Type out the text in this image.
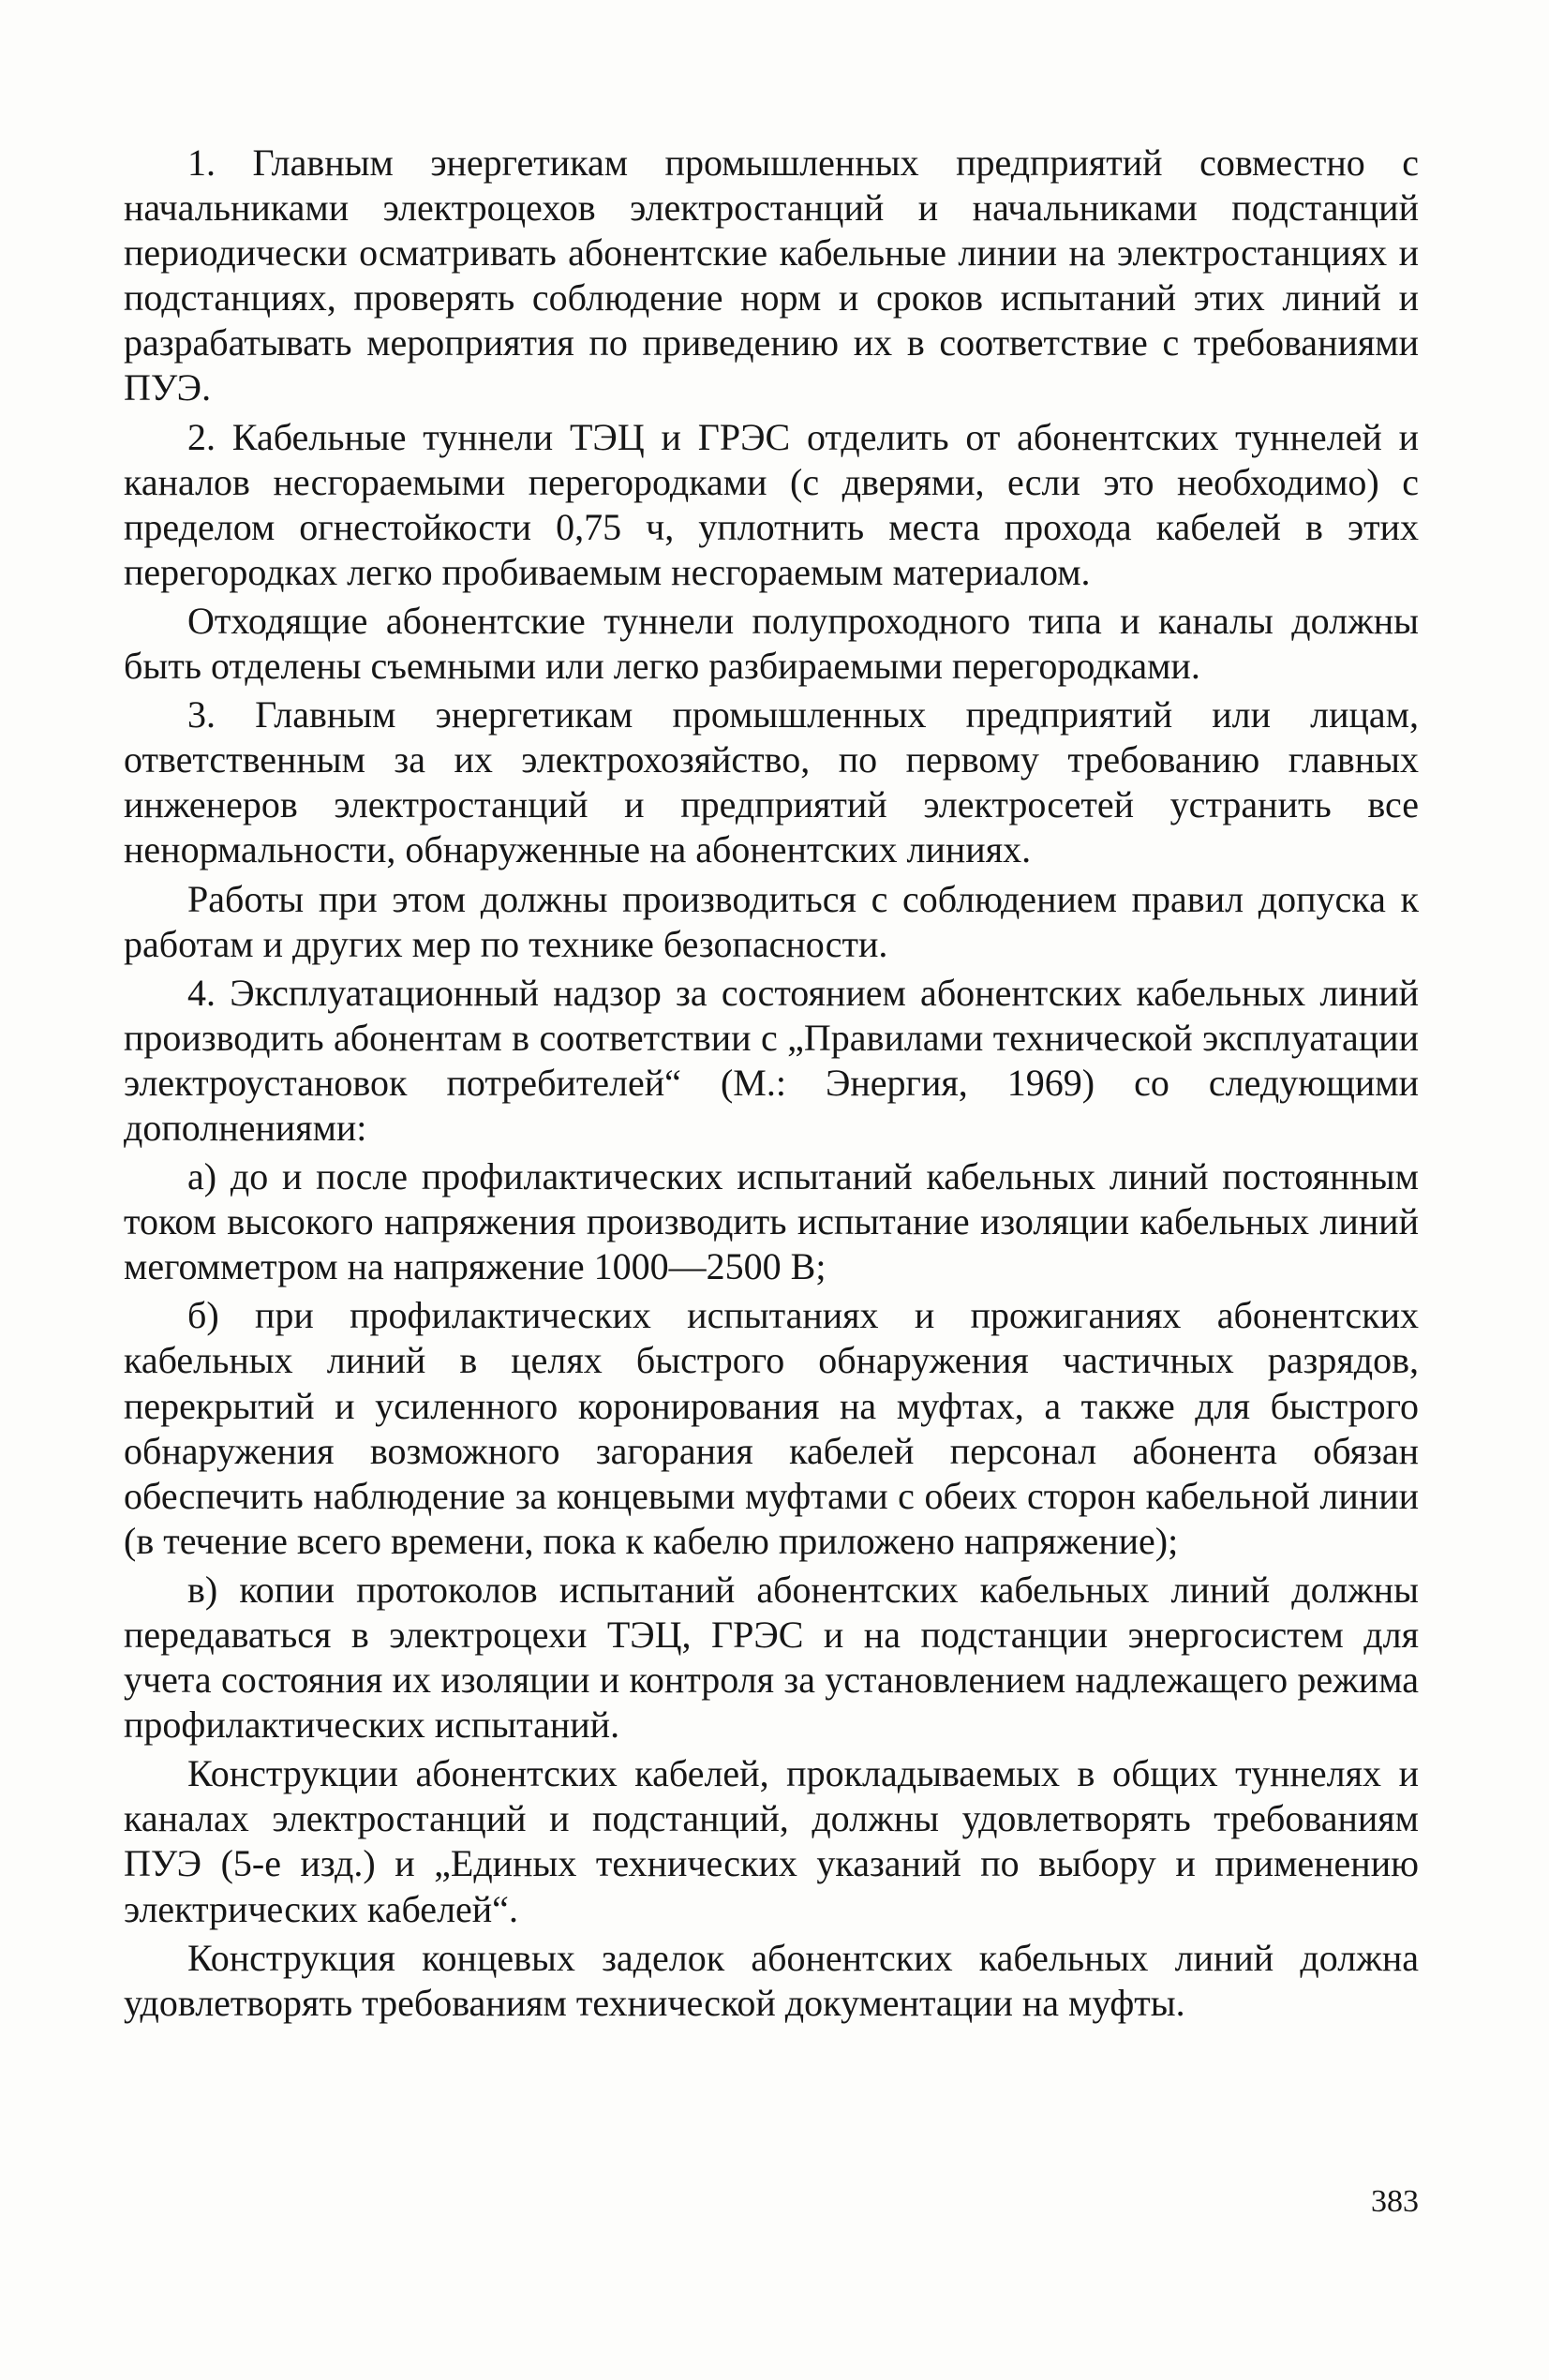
1. Главным энергетикам промышленных предприятий совместно с начальниками электроцехов электростанций и начальниками подстанций периодически осматривать абонентские кабельные линии на электростанциях и подстанциях, проверять соблюдение норм и сроков испытаний этих линий и разрабатывать мероприятия по приведению их в соответствие с требованиями ПУЭ.

2. Кабельные туннели ТЭЦ и ГРЭС отделить от абонентских туннелей и каналов несгораемыми перегородками (с дверями, если это необходимо) с пределом огнестойкости 0,75 ч, уплотнить места прохода кабелей в этих перегородках легко пробиваемым несгораемым материалом.

Отходящие абонентские туннели полупроходного типа и каналы должны быть отделены съемными или легко разбираемыми перегородками.

3. Главным энергетикам промышленных предприятий или лицам, ответственным за их электрохозяйство, по первому требованию главных инженеров электростанций и предприятий электросетей устранить все ненормальности, обнаруженные на абонентских линиях.

Работы при этом должны производиться с соблюдением правил допуска к работам и других мер по технике безопасности.

4. Эксплуатационный надзор за состоянием абонентских кабельных линий производить абонентам в соответствии с „Правилами технической эксплуатации электроустановок потребителей“ (М.: Энергия, 1969) со следующими дополнениями:

а) до и после профилактических испытаний кабельных линий постоянным током высокого напряжения производить испытание изоляции кабельных линий мегомметром на напряжение 1000—2500 В;

б) при профилактических испытаниях и прожиганиях абонентских кабельных линий в целях быстрого обнаружения частичных разрядов, перекрытий и усиленного коронирования на муфтах, а также для быстрого обнаружения возможного загорания кабелей персонал абонента обязан обеспечить наблюдение за концевыми муфтами с обеих сторон кабельной линии (в течение всего времени, пока к кабелю приложено напряжение);

в) копии протоколов испытаний абонентских кабельных линий должны передаваться в электроцехи ТЭЦ, ГРЭС и на подстанции энергосистем для учета состояния их изоляции и контроля за установлением надлежащего режима профилактических испытаний.

Конструкции абонентских кабелей, прокладываемых в общих туннелях и каналах электростанций и подстанций, должны удовлетворять требованиям ПУЭ (5-е изд.) и „Единых технических указаний по выбору и применению электрических кабелей“.

Конструкция концевых заделок абонентских кабельных линий должна удовлетворять требованиям технической документации на муфты.

383
